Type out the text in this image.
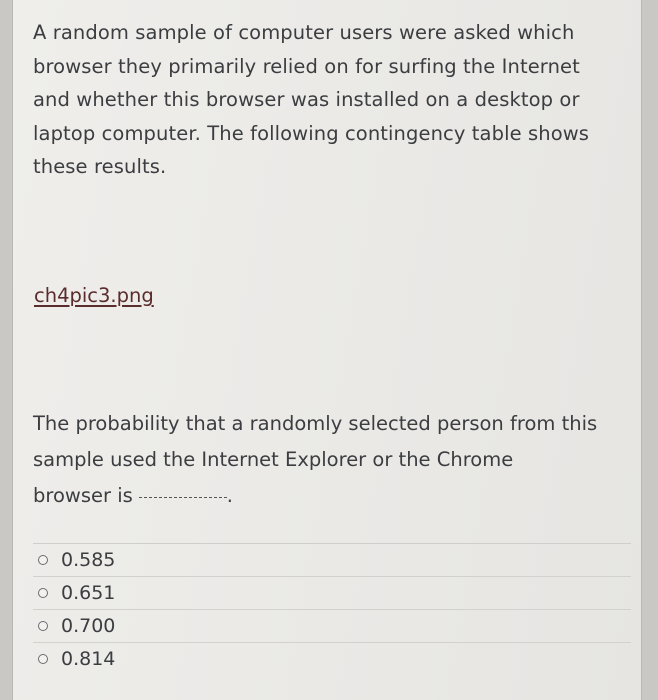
A random sample of computer users were asked which
browser they primarily relied on for surfing the Internet
and whether this browser was installed on a desktop or
laptop computer. The following contingency table shows
these results.

ch4pic3.png

The probability that a randomly selected person from this
sample used the Internet Explorer or the Chrome
browser is	.

0.585
0.651
0.700
0.814
